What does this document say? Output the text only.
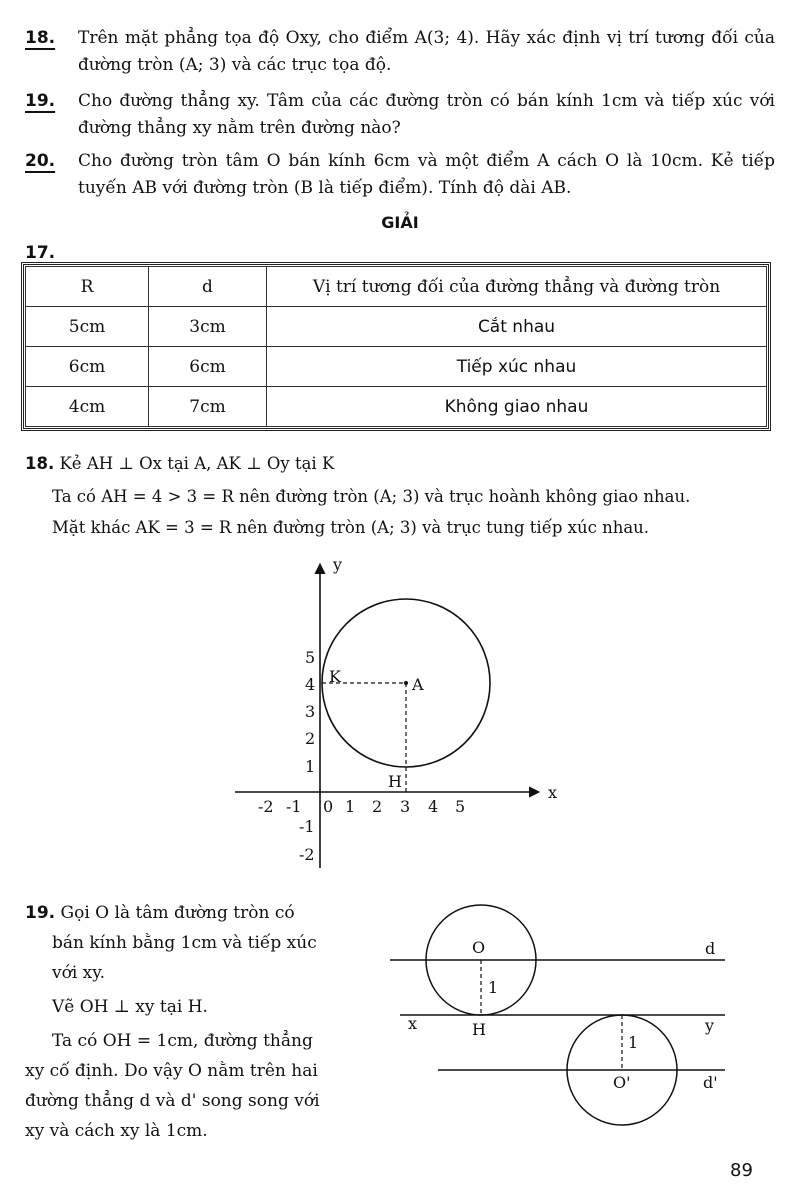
18. Trên mặt phẳng tọa độ Oxy, cho điểm A(3; 4). Hãy xác định vị trí tương đối của đường tròn (A; 3) và các trục tọa độ.
19. Cho đường thẳng xy. Tâm của các đường tròn có bán kính 1cm và tiếp xúc với đường thẳng xy nằm trên đường nào?
20. Cho đường tròn tâm O bán kính 6cm và một điểm A cách O là 10cm. Kẻ tiếp tuyến AB với đường tròn (B là tiếp điểm). Tính độ dài AB.
GIẢI
17.
R	d	Vị trí tương đối của đường thẳng và đường tròn
5cm	3cm	Cắt nhau
6cm	6cm	Tiếp xúc nhau
4cm	7cm	Không giao nhau
18. Kẻ AH ⊥ Ox tại A, AK ⊥ Oy tại K
Ta có AH = 4 > 3 = R nên đường tròn (A; 3) và trục hoành không giao nhau.
Mặt khác AK = 3 = R nên đường tròn (A; 3) và trục tung tiếp xúc nhau.
x
y
A
K
H
0
-2 -1	1 2 3 4 5
5
4
3
2
1
-1
-2
19. Gọi O là tâm đường tròn có
bán kính bằng 1cm và tiếp xúc
với xy.
Vẽ OH ⊥ xy tại H.
Ta có OH = 1cm, đường thẳng
xy cố định. Do vậy O nằm trên hai
đường thẳng d và d' song song với
xy và cách xy là 1cm.
O
O'
H
1
1
d
d'
x	y
89
